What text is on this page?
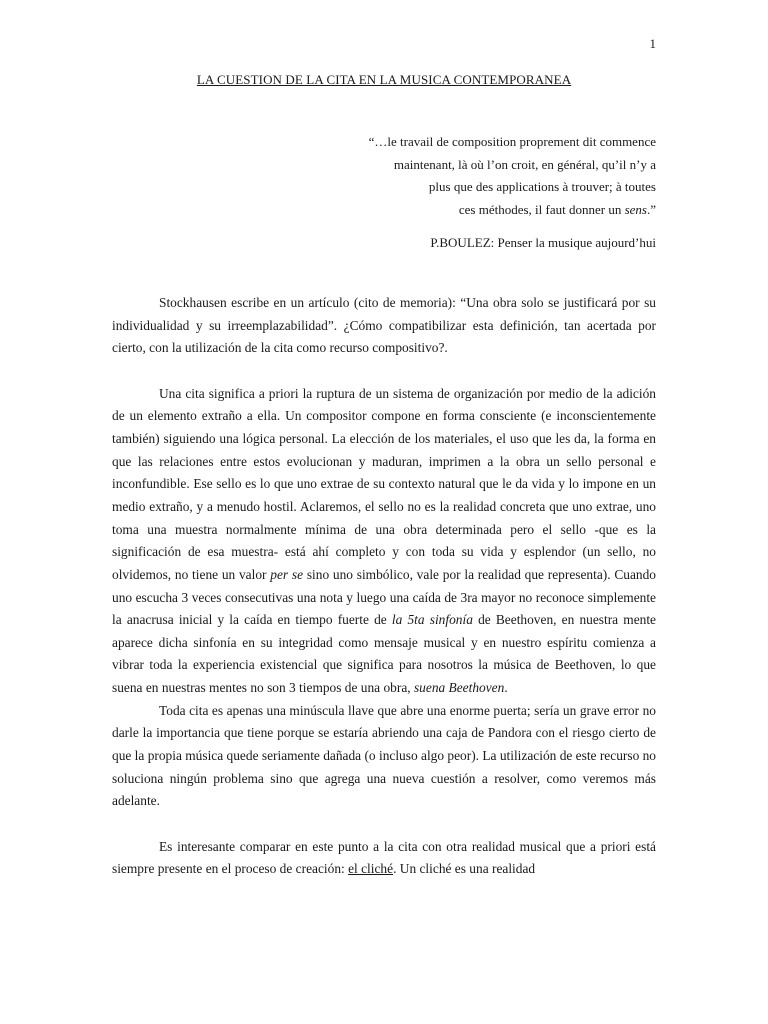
1
LA CUESTION DE LA CITA EN LA MUSICA CONTEMPORANEA
“…le travail de composition proprement dit commence
maintenant, là où l’on croit, en général, qu’il n’y a
plus que des applications à trouver; à toutes
ces méthodes, il faut donner un sens.”
P.BOULEZ: Penser la musique aujourd’hui

Stockhausen escribe en un artículo (cito de memoria): “Una obra solo se justificará por su individualidad y su irreemplazabilidad”. ¿Cómo compatibilizar esta definición, tan acertada por cierto, con la utilización de la cita como recurso compositivo?.

Una cita significa a priori la ruptura de un sistema de organización por medio de la adición de un elemento extraño a ella. Un compositor compone en forma consciente (e inconscientemente también) siguiendo una lógica personal. La elección de los materiales, el uso que les da, la forma en que las relaciones entre estos evolucionan y maduran, imprimen a la obra un sello personal e inconfundible. Ese sello es lo que uno extrae de su contexto natural que le da vida y lo impone en un medio extraño, y a menudo hostil. Aclaremos, el sello no es la realidad concreta que uno extrae, uno toma una muestra normalmente mínima de una obra determinada pero el sello -que es la significación de esa muestra- está ahí completo y con toda su vida y esplendor (un sello, no olvidemos, no tiene un valor per se sino uno simbólico, vale por la realidad que representa). Cuando uno escucha 3 veces consecutivas una nota y luego una caída de 3ra mayor no reconoce simplemente la anacrusa inicial y la caída en tiempo fuerte de la 5ta sinfonía de Beethoven, en nuestra mente aparece dicha sinfonía en su integridad como mensaje musical y en nuestro espíritu comienza a vibrar toda la experiencia existencial que significa para nosotros la música de Beethoven, lo que suena en nuestras mentes no son 3 tiempos de una obra, suena Beethoven.

Toda cita es apenas una minúscula llave que abre una enorme puerta; sería un grave error no darle la importancia que tiene porque se estaría abriendo una caja de Pandora con el riesgo cierto de que la propia música quede seriamente dañada (o incluso algo peor). La utilización de este recurso no soluciona ningún problema sino que agrega una nueva cuestión a resolver, como veremos más adelante.

Es interesante comparar en este punto a la cita con otra realidad musical que a priori está siempre presente en el proceso de creación: el cliché. Un cliché es una realidad
